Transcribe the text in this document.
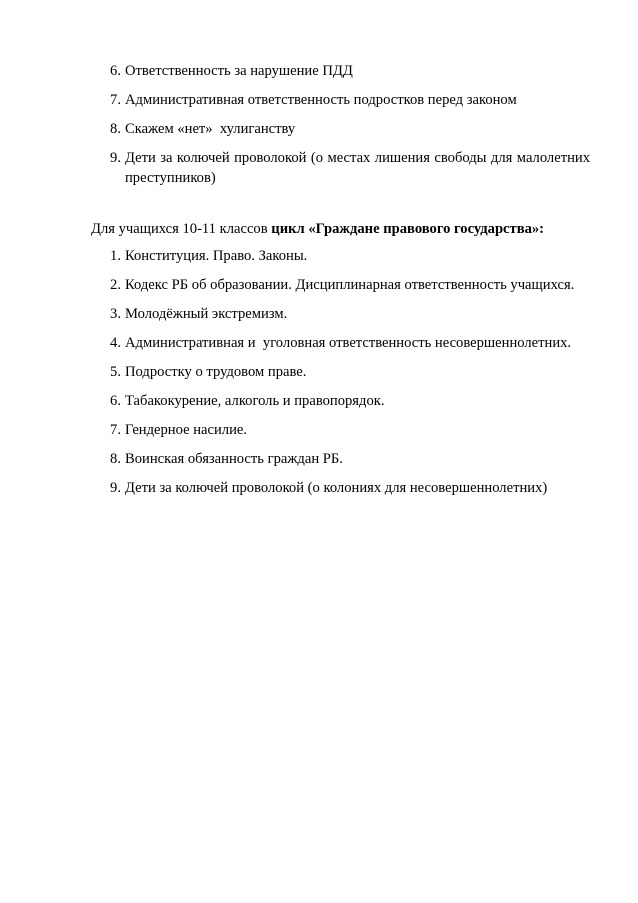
6. Ответственность за нарушение ПДД
7. Административная ответственность подростков перед законом
8. Скажем «нет»  хулиганству
9. Дети за колючей проволокой (о местах лишения свободы для малолетних преступников)
Для учащихся 10-11 классов цикл «Граждане правового государства»:
1. Конституция. Право. Законы.
2. Кодекс РБ об образовании. Дисциплинарная ответственность учащихся.
3. Молодёжный экстремизм.
4. Административная и  уголовная ответственность несовершеннолетних.
5. Подростку о трудовом праве.
6. Табакокурение, алкоголь и правопорядок.
7. Гендерное насилие.
8. Воинская обязанность граждан РБ.
9. Дети за колючей проволокой (о колониях для несовершеннолетних)
